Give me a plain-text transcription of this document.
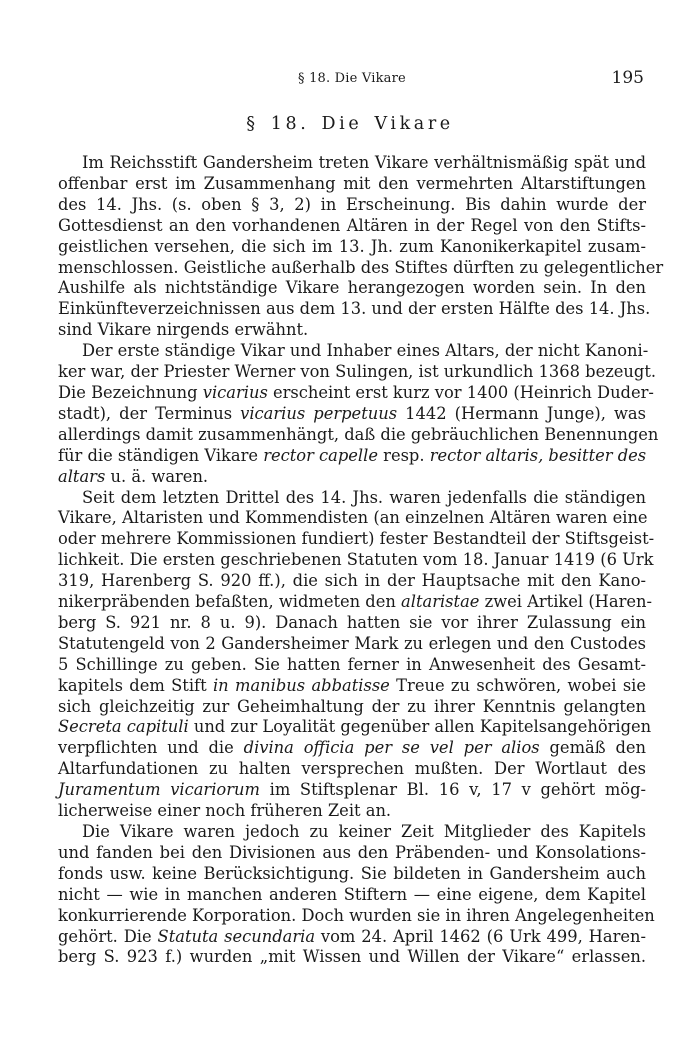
§ 18. Die Vikare	195
§ 18. Die Vikare

Im Reichsstift Gandersheim treten Vikare verhältnismäßig spät und
offenbar erst im Zusammenhang mit den vermehrten Altarstiftungen
des 14. Jhs. (s. oben § 3, 2) in Erscheinung. Bis dahin wurde der
Gottesdienst an den vorhandenen Altären in der Regel von den Stifts-
geistlichen versehen, die sich im 13. Jh. zum Kanonikerkapitel zusam-
menschlossen. Geistliche außerhalb des Stiftes dürften zu gelegentlicher
Aushilfe als nichtständige Vikare herangezogen worden sein. In den
Einkünfteverzeichnissen aus dem 13. und der ersten Hälfte des 14. Jhs.
sind Vikare nirgends erwähnt.

Der erste ständige Vikar und Inhaber eines Altars, der nicht Kanoni-
ker war, der Priester Werner von Sulingen, ist urkundlich 1368 bezeugt.
Die Bezeichnung vicarius erscheint erst kurz vor 1400 (Heinrich Duder-
stadt), der Terminus vicarius perpetuus 1442 (Hermann Junge), was
allerdings damit zusammenhängt, daß die gebräuchlichen Benennungen
für die ständigen Vikare rector capelle resp. rector altaris, besitter des
altars u. ä. waren.

Seit dem letzten Drittel des 14. Jhs. waren jedenfalls die ständigen
Vikare, Altaristen und Kommendisten (an einzelnen Altären waren eine
oder mehrere Kommissionen fundiert) fester Bestandteil der Stiftsgeist-
lichkeit. Die ersten geschriebenen Statuten vom 18. Januar 1419 (6 Urk
319, Harenberg S. 920 ff.), die sich in der Hauptsache mit den Kano-
nikerpräbenden befaßten, widmeten den altaristae zwei Artikel (Haren-
berg S. 921 nr. 8 u. 9). Danach hatten sie vor ihrer Zulassung ein
Statutengeld von 2 Gandersheimer Mark zu erlegen und den Custodes
5 Schillinge zu geben. Sie hatten ferner in Anwesenheit des Gesamt-
kapitels dem Stift in manibus abbatisse Treue zu schwören, wobei sie
sich gleichzeitig zur Geheimhaltung der zu ihrer Kenntnis gelangten
Secreta capituli und zur Loyalität gegenüber allen Kapitelsangehörigen
verpflichten und die divina officia per se vel per alios gemäß den
Altarfundationen zu halten versprechen mußten. Der Wortlaut des
Juramentum vicariorum im Stiftsplenar Bl. 16 v, 17 v gehört mög-
licherweise einer noch früheren Zeit an.

Die Vikare waren jedoch zu keiner Zeit Mitglieder des Kapitels
und fanden bei den Divisionen aus den Präbenden- und Konsolations-
fonds usw. keine Berücksichtigung. Sie bildeten in Gandersheim auch
nicht — wie in manchen anderen Stiftern — eine eigene, dem Kapitel
konkurrierende Korporation. Doch wurden sie in ihren Angelegenheiten
gehört. Die Statuta secundaria vom 24. April 1462 (6 Urk 499, Haren-
berg S. 923 f.) wurden „mit Wissen und Willen der Vikare“ erlassen.
